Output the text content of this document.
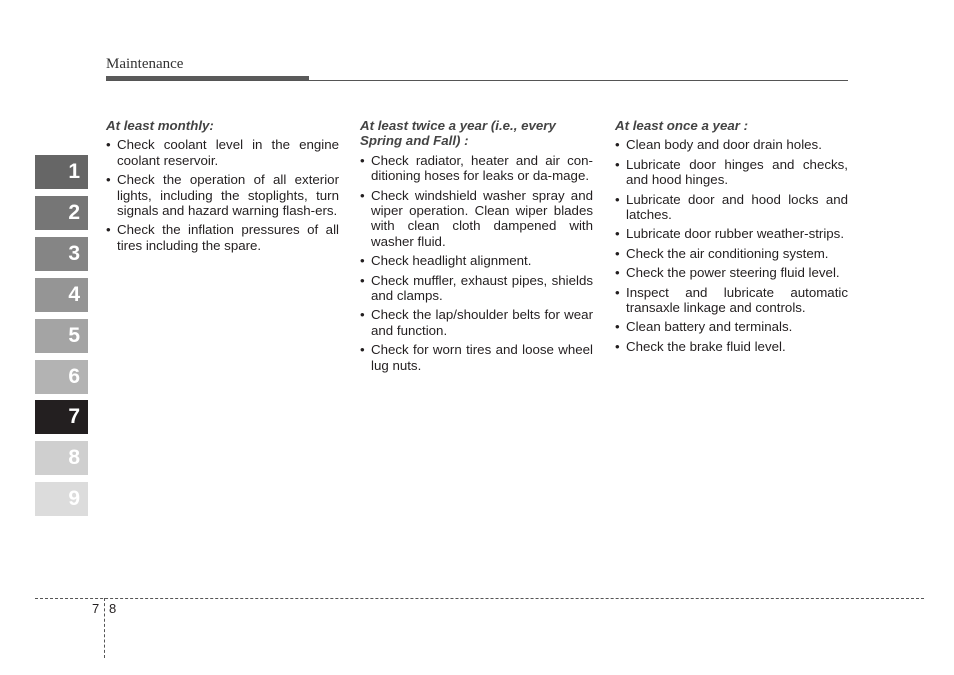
Maintenance
1
2
3
4
5
6
7
8
9
At least monthly:
• Check coolant level in the engine coolant reservoir.
• Check the operation of all exterior lights, including the stoplights, turn signals and hazard warning flash-ers.
• Check the inflation pressures of all tires including the spare.
At least twice a year (i.e., every Spring and Fall) :
• Check radiator, heater and air con-ditioning hoses for leaks or da-mage.
• Check windshield washer spray and wiper operation. Clean wiper blades with clean cloth dampened with washer fluid.
• Check headlight alignment.
• Check muffler, exhaust pipes, shields and clamps.
• Check the lap/shoulder belts for wear and function.
• Check for worn tires and loose wheel lug nuts.
At least once a year :
• Clean body and door drain holes.
• Lubricate door hinges and checks, and hood hinges.
• Lubricate door and hood locks and latches.
• Lubricate door rubber weather-strips.
• Check the air conditioning system.
• Check the power steering fluid level.
• Inspect and lubricate automatic transaxle linkage and controls.
• Clean battery and terminals.
• Check the brake fluid level.
7 8
